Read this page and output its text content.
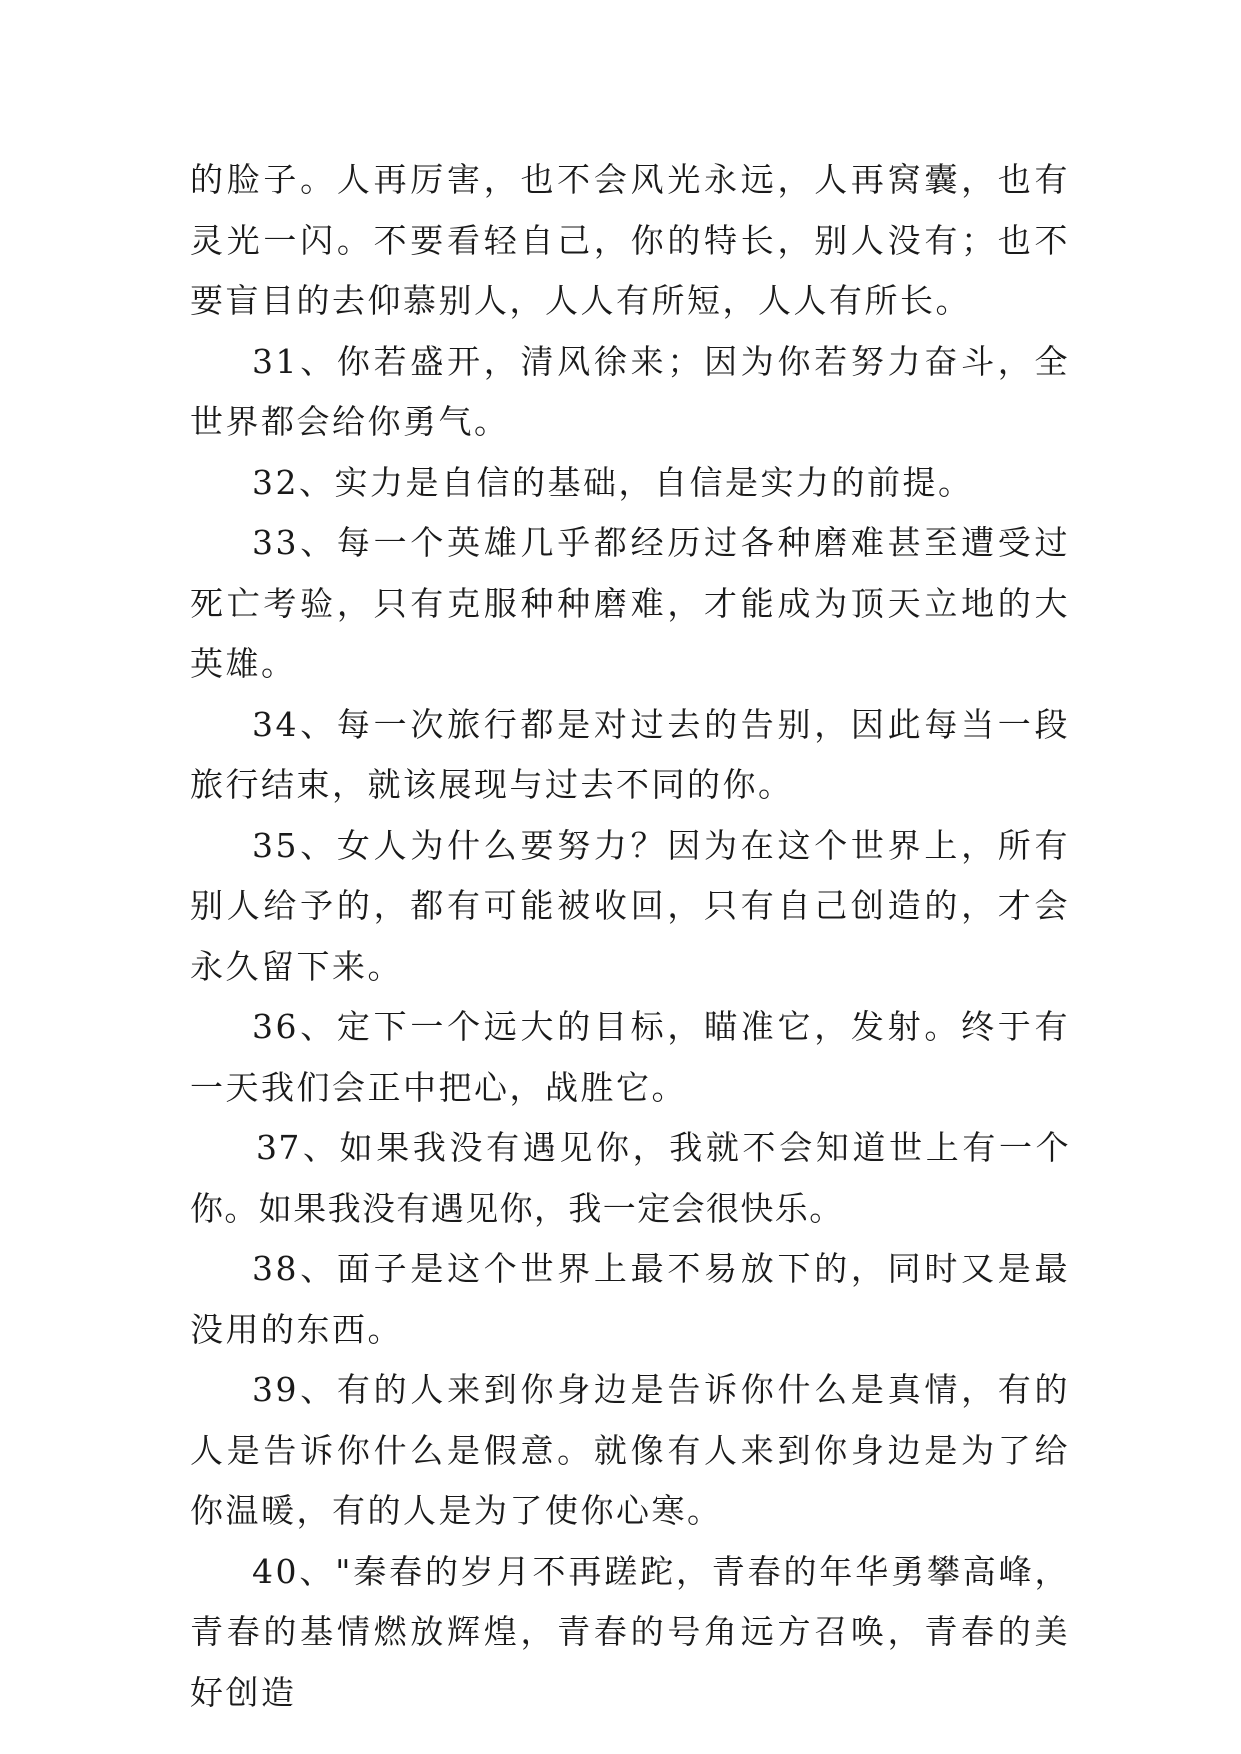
的脸子。人再厉害，也不会风光永远，人再窝囊，也有灵光一闪。不要看轻自己，你的特长，别人没有；也不要盲目的去仰慕别人，人人有所短，人人有所长。

31、你若盛开，清风徐来；因为你若努力奋斗，全世界都会给你勇气。

32、实力是自信的基础，自信是实力的前提。

33、每一个英雄几乎都经历过各种磨难甚至遭受过死亡考验，只有克服种种磨难，才能成为顶天立地的大英雄。

34、每一次旅行都是对过去的告别，因此每当一段旅行结束，就该展现与过去不同的你。

35、女人为什么要努力？因为在这个世界上，所有别人给予的，都有可能被收回，只有自己创造的，才会永久留下来。

36、定下一个远大的目标，瞄准它，发射。终于有一天我们会正中把心，战胜它。

37、如果我没有遇见你，我就不会知道世上有一个你。如果我没有遇见你，我一定会很快乐。

38、面子是这个世界上最不易放下的，同时又是最没用的东西。

39、有的人来到你身边是告诉你什么是真情，有的人是告诉你什么是假意。就像有人来到你身边是为了给你温暖，有的人是为了使你心寒。

40、"秦春的岁月不再蹉跎，青春的年华勇攀高峰，青春的基情燃放辉煌，青春的号角远方召唤，青春的美好创造
